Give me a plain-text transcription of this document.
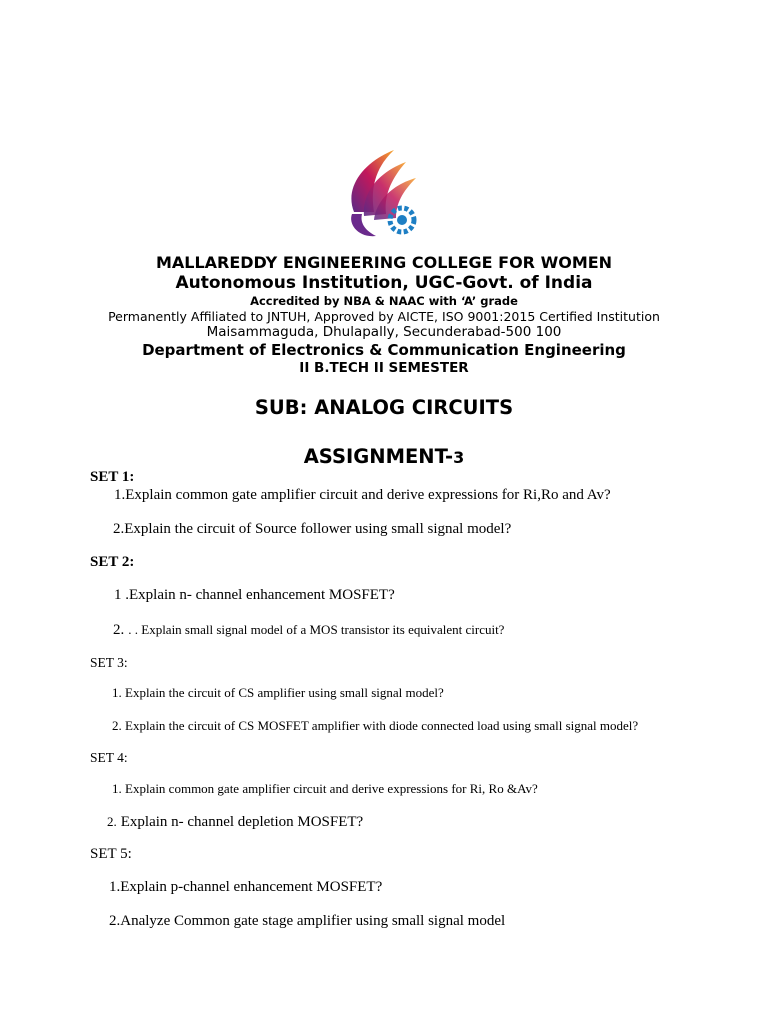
MALLAREDDY ENGINEERING COLLEGE FOR WOMEN
Autonomous Institution, UGC-Govt. of India
Accredited by NBA & NAAC with ‘A’ grade
Permanently Affiliated to JNTUH, Approved by AICTE, ISO 9001:2015 Certified Institution
Maisammaguda, Dhulapally, Secunderabad-500 100
Department of Electronics & Communication Engineering
II B.TECH II SEMESTER
SUB: ANALOG CIRCUITS
ASSIGNMENT-3
SET 1:
1.Explain common gate amplifier circuit and derive expressions for Ri,Ro and Av?
2.Explain the circuit of Source follower using small signal model?
SET 2:
1 .Explain n- channel enhancement MOSFET?
2. . . Explain small signal model of a MOS transistor its equivalent circuit?
SET 3:
1. Explain the circuit of CS amplifier using small signal model?
2. Explain the circuit of CS MOSFET amplifier with diode connected load using small signal model?
SET 4:
1. Explain common gate amplifier circuit and derive expressions for Ri, Ro &Av?
2. Explain n- channel depletion MOSFET?
SET 5:
1.Explain p-channel enhancement MOSFET?
2.Analyze Common gate stage amplifier using small signal model
